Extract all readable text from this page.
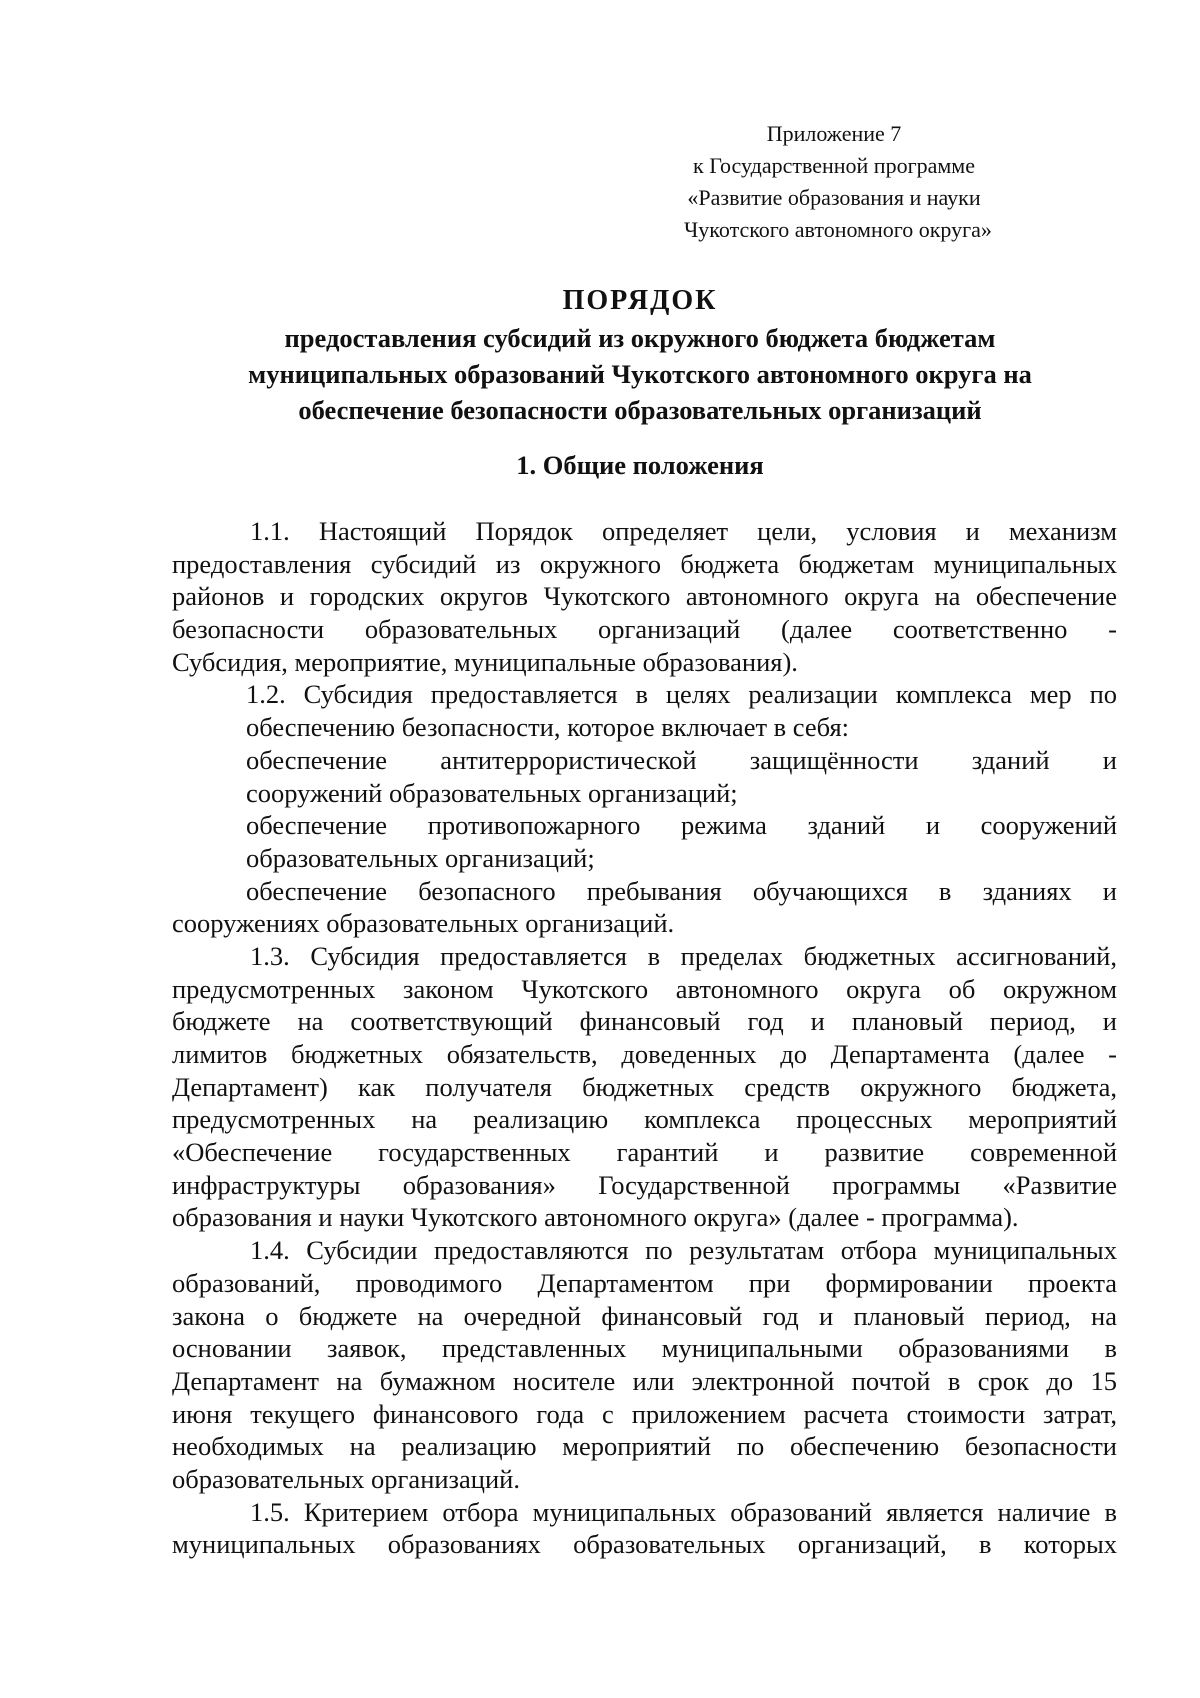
Приложение 7
к Государственной программе
«Развитие образования и науки
Чукотского автономного округа»
ПОРЯДОК
предоставления субсидий из окружного бюджета бюджетам
муниципальных образований Чукотского автономного округа на
обеспечение безопасности образовательных организаций
1. Общие положения
1.1. Настоящий Порядок определяет цели, условия и механизм
предоставления субсидий из окружного бюджета бюджетам муниципальных
районов и городских округов Чукотского автономного округа на обеспечение
безопасности образовательных организаций (далее соответственно -
Субсидия, мероприятие, муниципальные образования).
1.2. Субсидия предоставляется в целях реализации комплекса мер по
обеспечению безопасности, которое включает в себя:
обеспечение антитеррористической защищённости зданий и
сооружений образовательных организаций;
обеспечение противопожарного режима зданий и сооружений
образовательных организаций;
обеспечение безопасного пребывания обучающихся в зданиях и
сооружениях образовательных организаций.
1.3. Субсидия предоставляется в пределах бюджетных ассигнований,
предусмотренных законом Чукотского автономного округа об окружном
бюджете на соответствующий финансовый год и плановый период, и
лимитов бюджетных обязательств, доведенных до Департамента (далее -
Департамент) как получателя бюджетных средств окружного бюджета,
предусмотренных на реализацию комплекса процессных мероприятий
«Обеспечение государственных гарантий и развитие современной
инфраструктуры образования» Государственной программы «Развитие
образования и науки Чукотского автономного округа» (далее - программа).
1.4. Субсидии предоставляются по результатам отбора муниципальных
образований, проводимого Департаментом при формировании проекта
закона о бюджете на очередной финансовый год и плановый период, на
основании заявок, представленных муниципальными образованиями в
Департамент на бумажном носителе или электронной почтой в срок до 15
июня текущего финансового года с приложением расчета стоимости затрат,
необходимых на реализацию мероприятий по обеспечению безопасности
образовательных организаций.
1.5. Критерием отбора муниципальных образований является наличие в
муниципальных образованиях образовательных организаций, в которых
